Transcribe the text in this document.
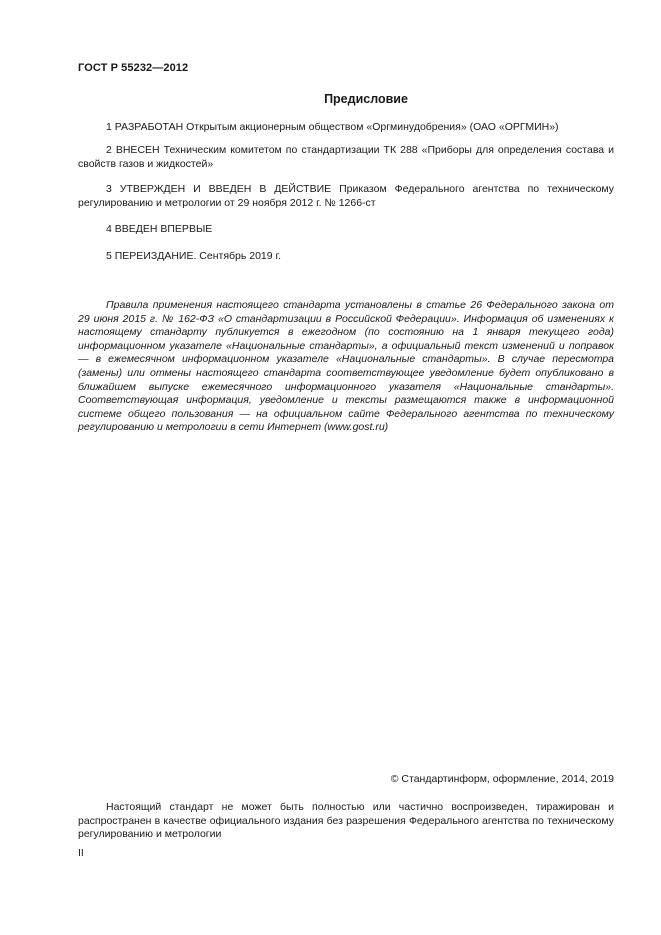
ГОСТ Р 55232—2012
Предисловие
1 РАЗРАБОТАН Открытым акционерным обществом «Оргминудобрения» (ОАО «ОРГМИН»)
2 ВНЕСЕН Техническим комитетом по стандартизации ТК 288 «Приборы для определения состава и свойств газов и жидкостей»
3 УТВЕРЖДЕН И ВВЕДЕН В ДЕЙСТВИЕ Приказом Федерального агентства по техническому регулированию и метрологии от 29 ноября 2012 г. № 1266-ст
4 ВВЕДЕН ВПЕРВЫЕ
5 ПЕРЕИЗДАНИЕ. Сентябрь 2019 г.
Правила применения настоящего стандарта установлены в статье 26 Федерального закона от 29 июня 2015 г. № 162-ФЗ «О стандартизации в Российской Федерации». Информация об изменениях к настоящему стандарту публикуется в ежегодном (по состоянию на 1 января текущего года) информационном указателе «Национальные стандарты», а официальный текст изменений и поправок — в ежемесячном информационном указателе «Национальные стандарты». В случае пересмотра (замены) или отмены настоящего стандарта соответствующее уведомление будет опубликовано в ближайшем выпуске ежемесячного информационного указателя «Национальные стандарты». Соответствующая информация, уведомление и тексты размещаются также в информационной системе общего пользования — на официальном сайте Федерального агентства по техническому регулированию и метрологии в сети Интернет (www.gost.ru)
© Стандартинформ, оформление, 2014, 2019
Настоящий стандарт не может быть полностью или частично воспроизведен, тиражирован и распространен в качестве официального издания без разрешения Федерального агентства по техническому регулированию и метрологии
II
